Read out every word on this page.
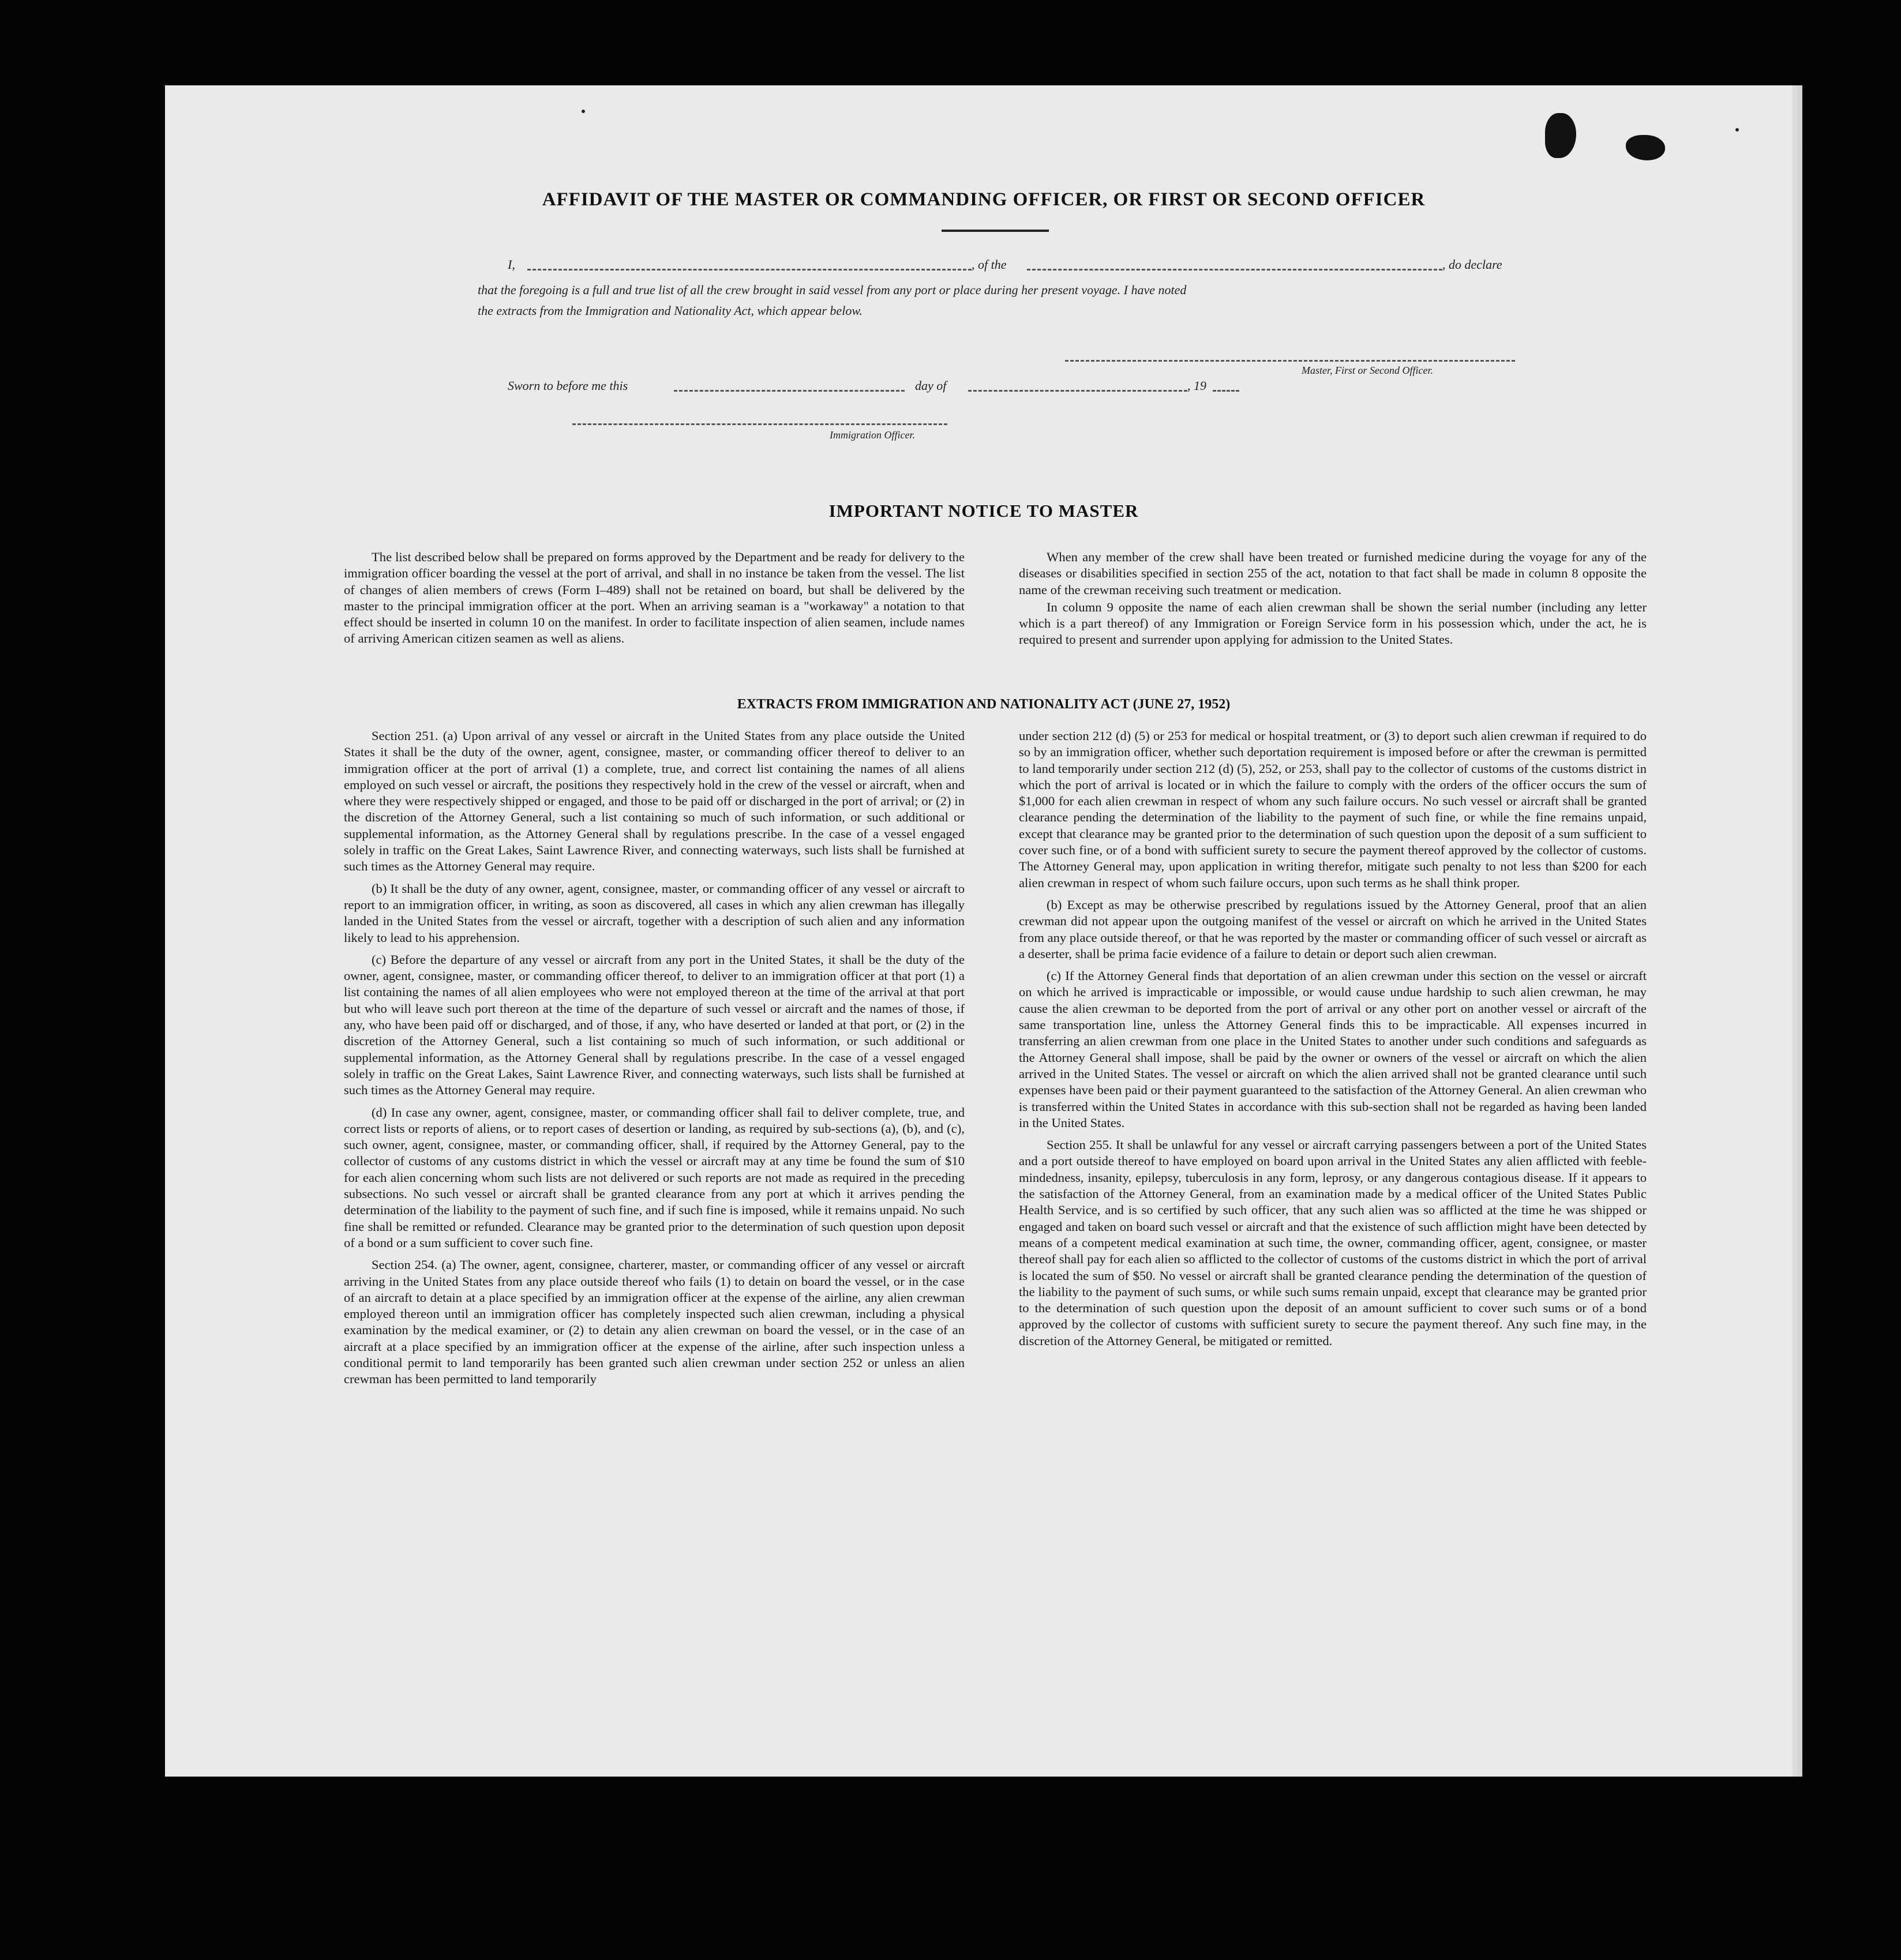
AFFIDAVIT OF THE MASTER OR COMMANDING OFFICER, OR FIRST OR SECOND OFFICER
I,	, of the	, do declare
that the foregoing is a full and true list of all the crew brought in said vessel from any port or place during her present voyage. I have noted
the extracts from the Immigration and Nationality Act, which appear below.
Master, First or Second Officer.
Sworn to before me this	day of	, 19
Immigration Officer.
IMPORTANT NOTICE TO MASTER

The list described below shall be prepared on forms approved by the Department and be ready for delivery to the immigration officer boarding the vessel at the port of arrival, and shall in no instance be taken from the vessel. The list of changes of alien members of crews (Form I–489) shall not be retained on board, but shall be delivered by the master to the principal immigration officer at the port. When an arriving seaman is a "workaway" a notation to that effect should be inserted in column 10 on the manifest. In order to facilitate inspection of alien seamen, include names of arriving American citizen seamen as well as aliens.

When any member of the crew shall have been treated or furnished medicine during the voyage for any of the diseases or disabilities specified in section 255 of the act, notation to that fact shall be made in column 8 opposite the name of the crewman receiving such treatment or medication.

In column 9 opposite the name of each alien crewman shall be shown the serial number (including any letter which is a part thereof) of any Immigration or Foreign Service form in his possession which, under the act, he is required to present and surrender upon applying for admission to the United States.

EXTRACTS FROM IMMIGRATION AND NATIONALITY ACT (JUNE 27, 1952)

Section 251. (a) Upon arrival of any vessel or aircraft in the United States from any place outside the United States it shall be the duty of the owner, agent, consignee, master, or commanding officer thereof to deliver to an immigration officer at the port of arrival (1) a complete, true, and correct list containing the names of all aliens employed on such vessel or aircraft, the positions they respectively hold in the crew of the vessel or aircraft, when and where they were respectively shipped or engaged, and those to be paid off or discharged in the port of arrival; or (2) in the discretion of the Attorney General, such a list containing so much of such information, or such additional or supplemental information, as the Attorney General shall by regulations prescribe. In the case of a vessel engaged solely in traffic on the Great Lakes, Saint Lawrence River, and connecting waterways, such lists shall be furnished at such times as the Attorney General may require.

(b) It shall be the duty of any owner, agent, consignee, master, or commanding officer of any vessel or aircraft to report to an immigration officer, in writing, as soon as discovered, all cases in which any alien crewman has illegally landed in the United States from the vessel or aircraft, together with a description of such alien and any information likely to lead to his apprehension.

(c) Before the departure of any vessel or aircraft from any port in the United States, it shall be the duty of the owner, agent, consignee, master, or commanding officer thereof, to deliver to an immigration officer at that port (1) a list containing the names of all alien employees who were not employed thereon at the time of the arrival at that port but who will leave such port thereon at the time of the departure of such vessel or aircraft and the names of those, if any, who have been paid off or discharged, and of those, if any, who have deserted or landed at that port, or (2) in the discretion of the Attorney General, such a list containing so much of such information, or such additional or supplemental information, as the Attorney General shall by regulations prescribe. In the case of a vessel engaged solely in traffic on the Great Lakes, Saint Lawrence River, and connecting waterways, such lists shall be furnished at such times as the Attorney General may require.

(d) In case any owner, agent, consignee, master, or commanding officer shall fail to deliver complete, true, and correct lists or reports of aliens, or to report cases of desertion or landing, as required by sub-sections (a), (b), and (c), such owner, agent, consignee, master, or commanding officer, shall, if required by the Attorney General, pay to the collector of customs of any customs district in which the vessel or aircraft may at any time be found the sum of $10 for each alien concerning whom such lists are not delivered or such reports are not made as required in the preceding subsections. No such vessel or aircraft shall be granted clearance from any port at which it arrives pending the determination of the liability to the payment of such fine, and if such fine is imposed, while it remains unpaid. No such fine shall be remitted or refunded. Clearance may be granted prior to the determination of such question upon deposit of a bond or a sum sufficient to cover such fine.

Section 254. (a) The owner, agent, consignee, charterer, master, or commanding officer of any vessel or aircraft arriving in the United States from any place outside thereof who fails (1) to detain on board the vessel, or in the case of an aircraft to detain at a place specified by an immigration officer at the expense of the airline, any alien crewman employed thereon until an immigration officer has completely inspected such alien crewman, including a physical examination by the medical examiner, or (2) to detain any alien crewman on board the vessel, or in the case of an aircraft at a place specified by an immigration officer at the expense of the airline, after such inspection unless a conditional permit to land temporarily has been granted such alien crewman under section 252 or unless an alien crewman has been permitted to land temporarily

under section 212 (d) (5) or 253 for medical or hospital treatment, or (3) to deport such alien crewman if required to do so by an immigration officer, whether such deportation requirement is imposed before or after the crewman is permitted to land temporarily under section 212 (d) (5), 252, or 253, shall pay to the collector of customs of the customs district in which the port of arrival is located or in which the failure to comply with the orders of the officer occurs the sum of $1,000 for each alien crewman in respect of whom any such failure occurs. No such vessel or aircraft shall be granted clearance pending the determination of the liability to the payment of such fine, or while the fine remains unpaid, except that clearance may be granted prior to the determination of such question upon the deposit of a sum sufficient to cover such fine, or of a bond with sufficient surety to secure the payment thereof approved by the collector of customs. The Attorney General may, upon application in writing therefor, mitigate such penalty to not less than $200 for each alien crewman in respect of whom such failure occurs, upon such terms as he shall think proper.

(b) Except as may be otherwise prescribed by regulations issued by the Attorney General, proof that an alien crewman did not appear upon the outgoing manifest of the vessel or aircraft on which he arrived in the United States from any place outside thereof, or that he was reported by the master or commanding officer of such vessel or aircraft as a deserter, shall be prima facie evidence of a failure to detain or deport such alien crewman.

(c) If the Attorney General finds that deportation of an alien crewman under this section on the vessel or aircraft on which he arrived is impracticable or impossible, or would cause undue hardship to such alien crewman, he may cause the alien crewman to be deported from the port of arrival or any other port on another vessel or aircraft of the same transportation line, unless the Attorney General finds this to be impracticable. All expenses incurred in transferring an alien crewman from one place in the United States to another under such conditions and safeguards as the Attorney General shall impose, shall be paid by the owner or owners of the vessel or aircraft on which the alien arrived in the United States. The vessel or aircraft on which the alien arrived shall not be granted clearance until such expenses have been paid or their payment guaranteed to the satisfaction of the Attorney General. An alien crewman who is transferred within the United States in accordance with this sub-section shall not be regarded as having been landed in the United States.

Section 255. It shall be unlawful for any vessel or aircraft carrying passengers between a port of the United States and a port outside thereof to have employed on board upon arrival in the United States any alien afflicted with feeble-mindedness, insanity, epilepsy, tuberculosis in any form, leprosy, or any dangerous contagious disease. If it appears to the satisfaction of the Attorney General, from an examination made by a medical officer of the United States Public Health Service, and is so certified by such officer, that any such alien was so afflicted at the time he was shipped or engaged and taken on board such vessel or aircraft and that the existence of such affliction might have been detected by means of a competent medical examination at such time, the owner, commanding officer, agent, consignee, or master thereof shall pay for each alien so afflicted to the collector of customs of the customs district in which the port of arrival is located the sum of $50. No vessel or aircraft shall be granted clearance pending the determination of the question of the liability to the payment of such sums, or while such sums remain unpaid, except that clearance may be granted prior to the determination of such question upon the deposit of an amount sufficient to cover such sums or of a bond approved by the collector of customs with sufficient surety to secure the payment thereof. Any such fine may, in the discretion of the Attorney General, be mitigated or remitted.
